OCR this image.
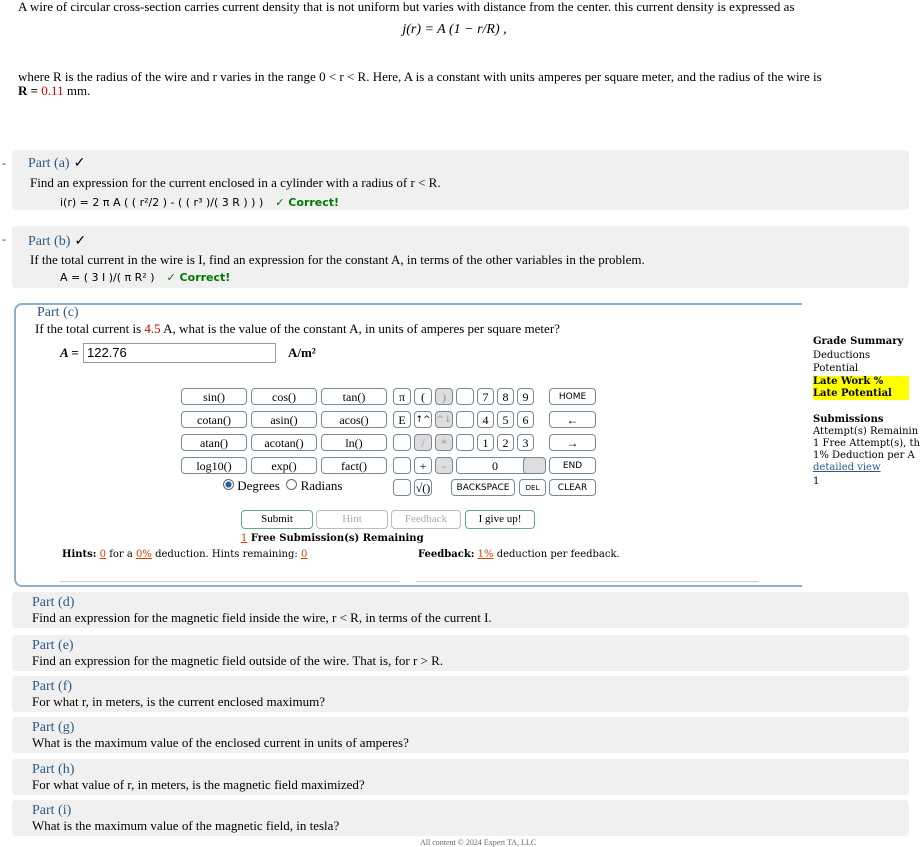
A wire of circular cross-section carries current density that is not uniform but varies with distance from the center. this current density is expressed as
j(r) = A (1 − r/R) ,
where R is the radius of the wire and r varies in the range 0 < r < R. Here, A is a constant with units amperes per square meter, and the radius of the wire is
R = 0.11 mm.
- Part (a) ✓
Find an expression for the current enclosed in a cylinder with a radius of r < R.
i(r) = 2 π A ( ( r²/2 ) - ( ( r³ )/( 3 R ) ) ) ✓ Correct!
- Part (b) ✓
If the total current in the wire is I, find an expression for the constant A, in terms of the other variables in the problem.
A = ( 3 I )/( π R² ) ✓ Correct!
Part (c)
If the total current is 4.5 A, what is the value of the constant A, in units of amperes per square meter?
A = 122.76	A/m²
sin()	cos()	tan()
cotan()	asin()	acos()
atan()	acotan()	ln()
log10()	exp()	fact()
π	(	)
E	↑^ ^↓
/	*
+	-
√()
7	8	9
4	5	6
1	2	3
0
HOME
←
→
END
BACKSPACE	DEL	CLEAR
Degrees Radians
Submit	Hint	Feedback	I give up!
1 Free Submission(s) Remaining
Hints: 0 for a 0% deduction. Hints remaining: 0	Feedback: 1% deduction per feedback.
Grade Summary
Deductions
Potential
Late Work %
Late Potential
Submissions
Attempt(s) Remainin
1 Free Attempt(s), th
1% Deduction per A
detailed view
1
Part (d)
Find an expression for the magnetic field inside the wire, r < R, in terms of the current I.
Part (e)
Find an expression for the magnetic field outside of the wire. That is, for r > R.
Part (f)
For what r, in meters, is the current enclosed maximum?
Part (g)
What is the maximum value of the enclosed current in units of amperes?
Part (h)
For what value of r, in meters, is the magnetic field maximized?
Part (i)
What is the maximum value of the magnetic field, in tesla?
All content © 2024 Expert TA, LLC
